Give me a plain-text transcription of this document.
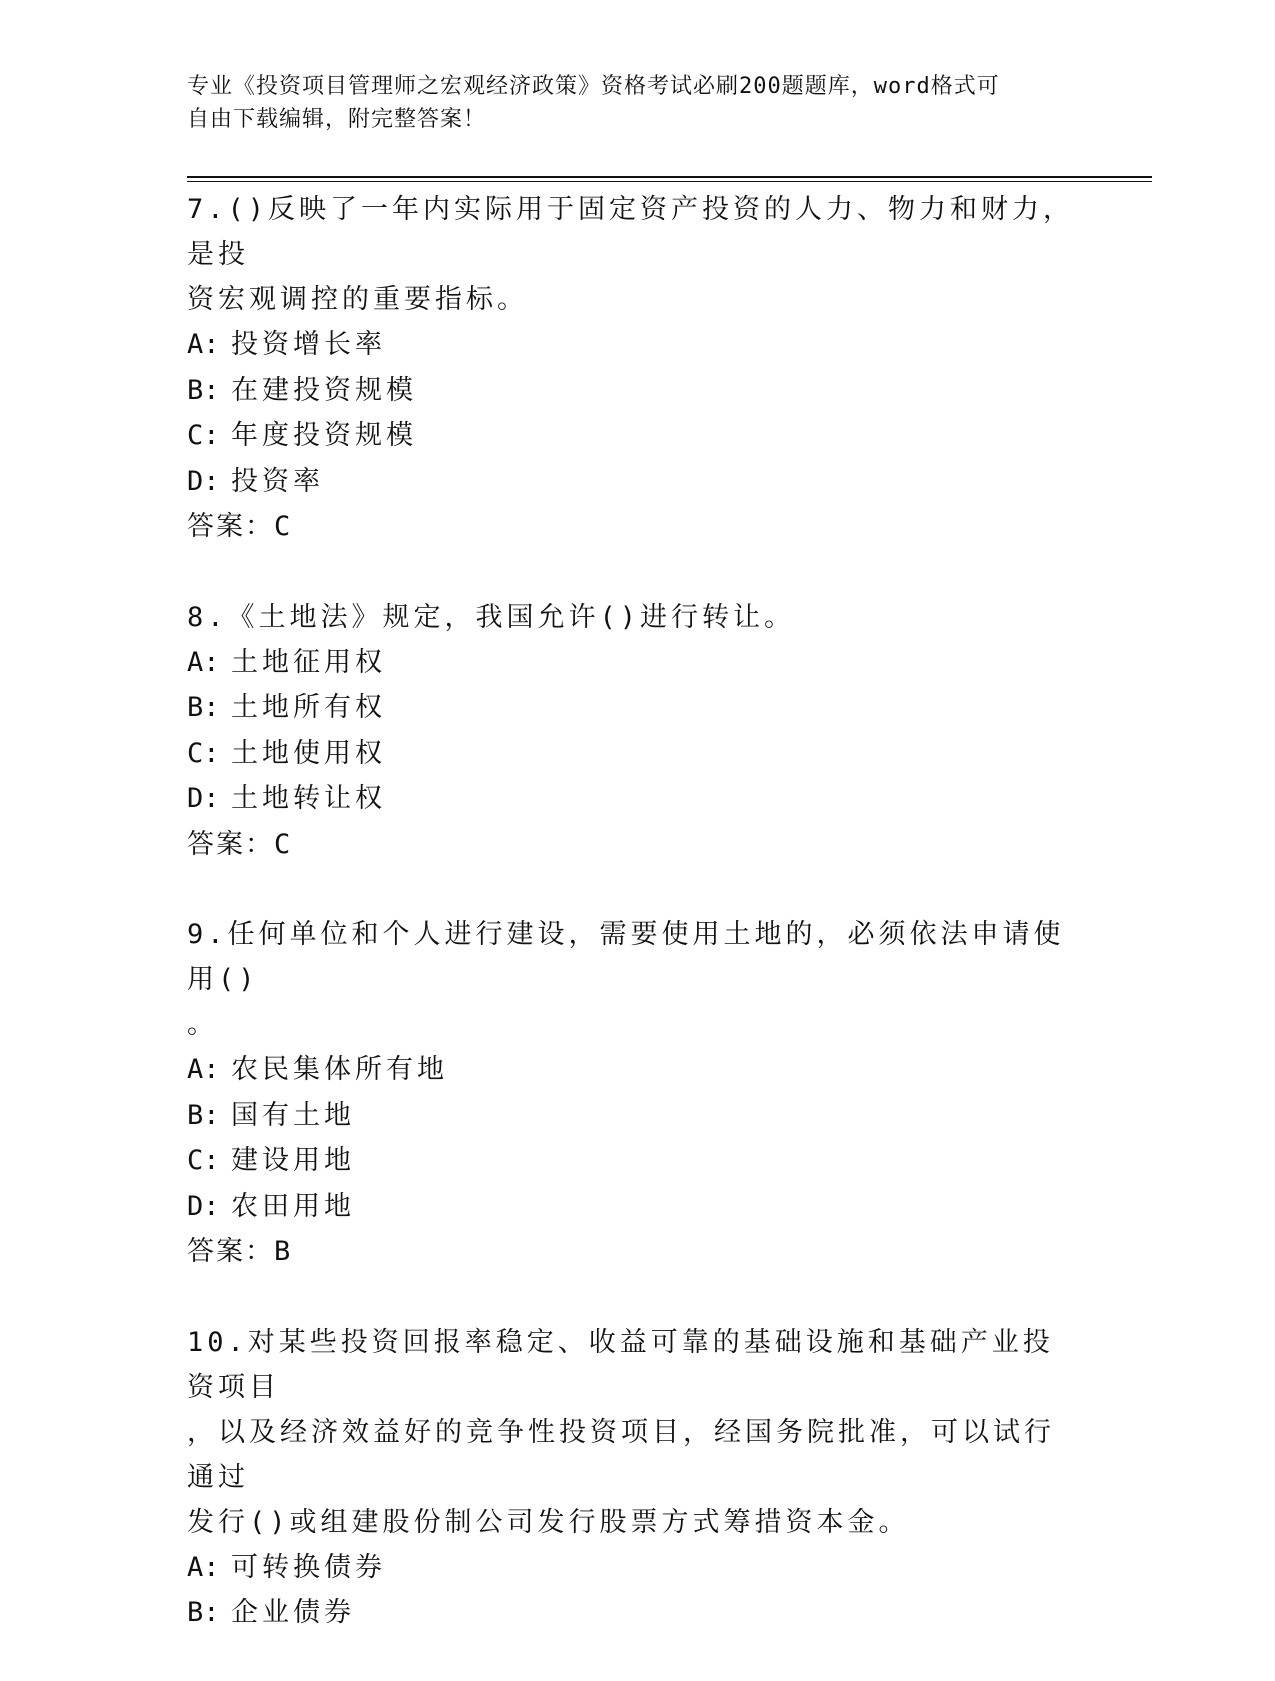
专业《投资项目管理师之宏观经济政策》资格考试必刷200题题库，word格式可
自由下载编辑，附完整答案！
7.()反映了一年内实际用于固定资产投资的人力、物力和财力，是投
资宏观调控的重要指标。
A: 投资增长率
B: 在建投资规模
C: 年度投资规模
D: 投资率
答案：C
8.《土地法》规定，我国允许()进行转让。
A: 土地征用权
B: 土地所有权
C: 土地使用权
D: 土地转让权
答案：C
9.任何单位和个人进行建设，需要使用土地的，必须依法申请使用()
。
A: 农民集体所有地
B: 国有土地
C: 建设用地
D: 农田用地
答案：B
10.对某些投资回报率稳定、收益可靠的基础设施和基础产业投资项目
，以及经济效益好的竞争性投资项目，经国务院批准，可以试行通过
发行()或组建股份制公司发行股票方式筹措资本金。
A: 可转换债券
B: 企业债券
